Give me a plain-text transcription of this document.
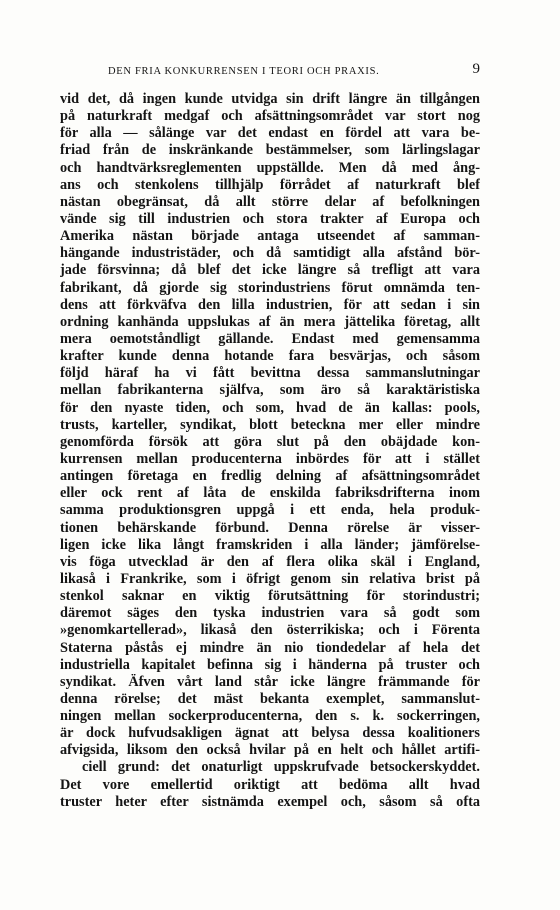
DEN FRIA KONKURRENSEN I TEORI OCH PRAXIS.	9
vid det, då ingen kunde utvidga sin drift längre än tillgången
på naturkraft medgaf och afsättningsområdet var stort nog
för alla — sålänge var det endast en fördel att vara be-
friad från de inskränkande bestämmelser, som lärlingslagar
och handtvärksreglementen uppställde. Men då med ång-
ans och stenkolens tillhjälp förrådet af naturkraft blef
nästan obegränsat, då allt större delar af befolkningen
vände sig till industrien och stora trakter af Europa och
Amerika nästan började antaga utseendet af samman-
hängande industristäder, och då samtidigt alla afstånd bör-
jade försvinna; då blef det icke längre så trefligt att vara
fabrikant, då gjorde sig storindustriens förut omnämda ten-
dens att förkväfva den lilla industrien, för att sedan i sin
ordning kanhända uppslukas af än mera jättelika företag, allt
mera oemotståndligt gällande. Endast med gemensamma
krafter kunde denna hotande fara besvärjas, och såsom
följd häraf ha vi fått bevittna dessa sammanslutningar
mellan fabrikanterna själfva, som äro så karaktäristiska
för den nyaste tiden, och som, hvad de än kallas: pools,
trusts, karteller, syndikat, blott beteckna mer eller mindre
genomförda försök att göra slut på den obäjdade kon-
kurrensen mellan producenterna inbördes för att i stället
antingen företaga en fredlig delning af afsättningsområdet
eller ock rent af låta de enskilda fabriksdrifterna inom
samma produktionsgren uppgå i ett enda, hela produk-
tionen behärskande förbund. Denna rörelse är visser-
ligen icke lika långt framskriden i alla länder; jämförelse-
vis föga utvecklad är den af flera olika skäl i England,
likaså i Frankrike, som i öfrigt genom sin relativa brist på
stenkol saknar en viktig förutsättning för storindustri;
däremot säges den tyska industrien vara så godt som
»genomkartellerad», likaså den österrikiska; och i Förenta
Staterna påstås ej mindre än nio tiondedelar af hela det
industriella kapitalet befinna sig i händerna på truster och
syndikat. Äfven vårt land står icke längre främmande för
denna rörelse; det mäst bekanta exemplet, sammanslut-
ningen mellan sockerproducenterna, den s. k. sockerringen,
är dock hufvudsakligen ägnat att belysa dessa koalitioners
afvigsida, liksom den också hvilar på en helt och hållet artifi-
ciell grund: det onaturligt uppskrufvade betsockerskyddet.
Det vore emellertid oriktigt att bedöma allt hvad
truster heter efter sistnämda exempel och, såsom så ofta
